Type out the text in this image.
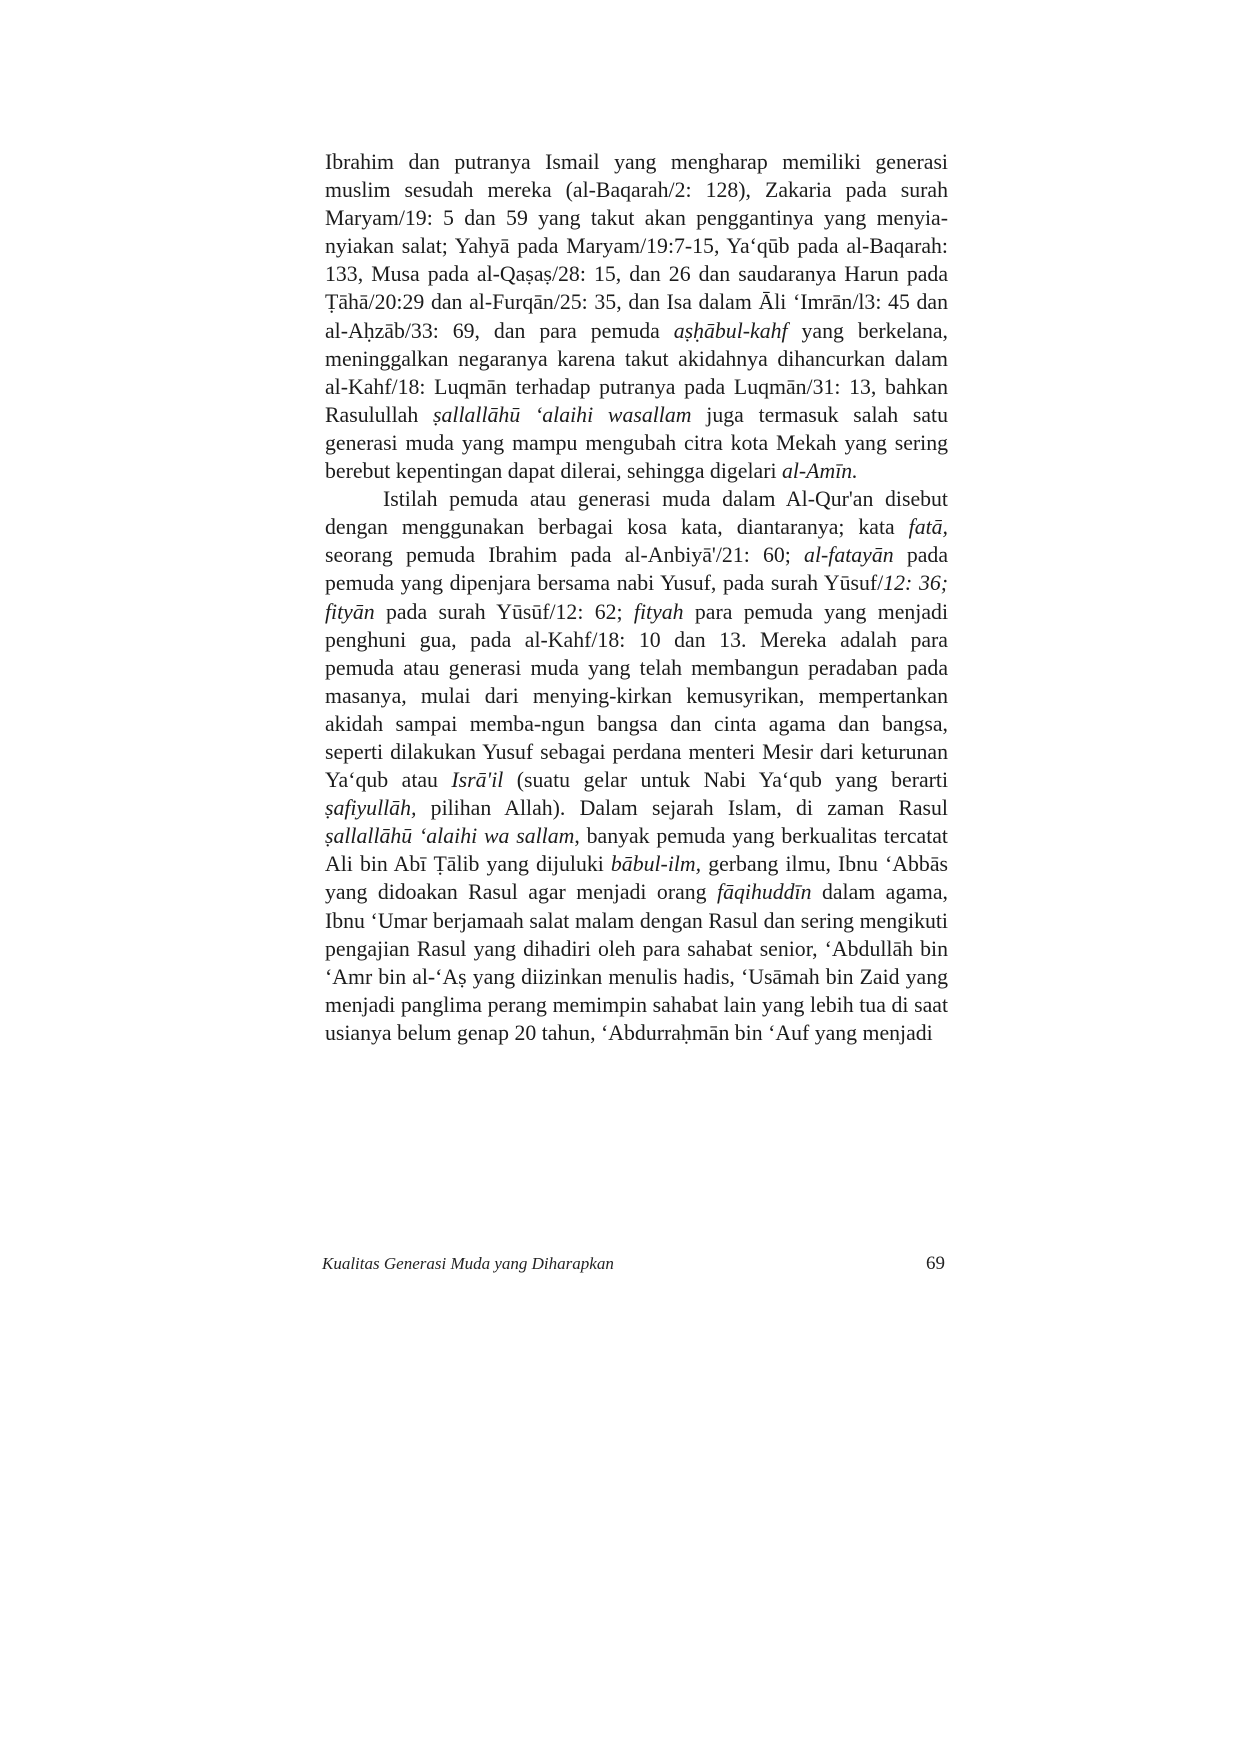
Ibrahim dan putranya Ismail yang mengharap memiliki generasi muslim sesudah mereka (al-Baqarah/2: 128), Zakaria pada surah Maryam/19: 5 dan 59 yang takut akan penggantinya yang menyia-nyiakan salat; Yahyā pada Maryam/19:7-15, Ya‘qūb pada al-Baqarah: 133, Musa pada al-Qaṣaṣ/28: 15, dan 26 dan saudaranya Harun pada Ṭāhā/20:29 dan al-Furqān/25: 35, dan Isa dalam Āli ‘Imrān/l3: 45 dan al-Aḥzāb/33: 69, dan para pemuda aṣḥābul-kahf yang berkelana, meninggalkan negaranya karena takut akidahnya dihancurkan dalam al-Kahf/18: Luqmān terhadap putranya pada Luqmān/31: 13, bahkan Rasulullah ṣallallāhū ‘alaihi wasallam juga termasuk salah satu generasi muda yang mampu mengubah citra kota Mekah yang sering berebut kepentingan dapat dilerai, sehingga digelari al-Amīn.

Istilah pemuda atau generasi muda dalam Al-Qur'an disebut dengan menggunakan berbagai kosa kata, diantaranya; kata fatā, seorang pemuda Ibrahim pada al-Anbiyā'/21: 60; al-fatayān pada pemuda yang dipenjara bersama nabi Yusuf, pada surah Yūsuf/12: 36; fityān pada surah Yūsūf/12: 62; fityah para pemuda yang menjadi penghuni gua, pada al-Kahf/18: 10 dan 13. Mereka adalah para pemuda atau generasi muda yang telah membangun peradaban pada masanya, mulai dari menying-kirkan kemusyrikan, mempertankan akidah sampai memba-ngun bangsa dan cinta agama dan bangsa, seperti dilakukan Yusuf sebagai perdana menteri Mesir dari keturunan Ya‘qub atau Isrā'il (suatu gelar untuk Nabi Ya‘qub yang berarti ṣafiyullāh, pilihan Allah). Dalam sejarah Islam, di zaman Rasul ṣallallāhū ‘alaihi wa sallam, banyak pemuda yang berkualitas tercatat Ali bin Abī Ṭālib yang dijuluki bābul-ilm, gerbang ilmu, Ibnu ‘Abbās yang didoakan Rasul agar menjadi orang fāqihuddīn dalam agama, Ibnu ‘Umar berjamaah salat malam dengan Rasul dan sering mengikuti pengajian Rasul yang dihadiri oleh para sahabat senior, ‘Abdullāh bin ‘Amr bin al-‘Aṣ yang diizinkan menulis hadis, ‘Usāmah bin Zaid yang menjadi panglima perang memimpin sahabat lain yang lebih tua di saat usianya belum genap 20 tahun, ‘Abdurraḥmān bin ‘Auf yang menjadi

Kualitas Generasi Muda yang Diharapkan	69
